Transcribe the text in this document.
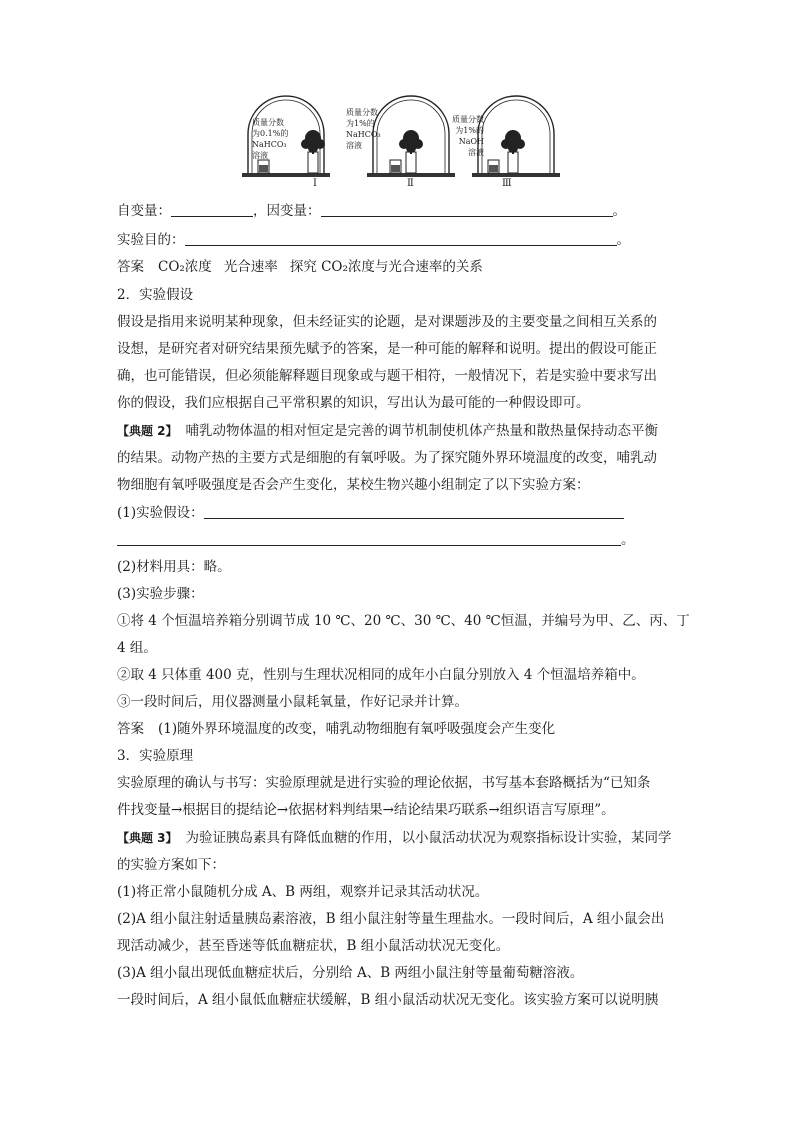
质量分数
为0.1%的
NaHCO₃
溶液
质量分数
为1%的
NaHCO₃
溶液
质量分数
为1%的
NaOH
溶液
Ⅰ	Ⅱ	Ⅲ
自变量：	，因变量：	。
实验目的：	。
答案 CO₂浓度 光合速率 探究 CO₂浓度与光合速率的关系
2．实验假设
假设是指用来说明某种现象，但未经证实的论题，是对课题涉及的主要变量之间相互关系的
设想，是研究者对研究结果预先赋予的答案，是一种可能的解释和说明。提出的假设可能正
确，也可能错误，但必须能解释题目现象或与题干相符，一般情况下，若是实验中要求写出
你的假设，我们应根据自己平常积累的知识，写出认为最可能的一种假设即可。
【典题 2】 哺乳动物体温的相对恒定是完善的调节机制使机体产热量和散热量保持动态平衡
的结果。动物产热的主要方式是细胞的有氧呼吸。为了探究随外界环境温度的改变，哺乳动
物细胞有氧呼吸强度是否会产生变化，某校生物兴趣小组制定了以下实验方案：
(1)实验假设：
。
(2)材料用具：略。
(3)实验步骤：
①将 4 个恒温培养箱分别调节成 10 ℃、20 ℃、30 ℃、40 ℃恒温，并编号为甲、乙、丙、丁
4 组。
②取 4 只体重 400 克，性别与生理状况相同的成年小白鼠分别放入 4 个恒温培养箱中。
③一段时间后，用仪器测量小鼠耗氧量，作好记录并计算。
答案 (1)随外界环境温度的改变，哺乳动物细胞有氧呼吸强度会产生变化
3．实验原理
实验原理的确认与书写：实验原理就是进行实验的理论依据，书写基本套路概括为“已知条
件找变量→根据目的提结论→依据材料判结果→结论结果巧联系→组织语言写原理”。
【典题 3】 为验证胰岛素具有降低血糖的作用，以小鼠活动状况为观察指标设计实验，某同学
的实验方案如下：
(1)将正常小鼠随机分成 A、B 两组，观察并记录其活动状况。
(2)A 组小鼠注射适量胰岛素溶液，B 组小鼠注射等量生理盐水。一段时间后，A 组小鼠会出
现活动减少，甚至昏迷等低血糖症状，B 组小鼠活动状况无变化。
(3)A 组小鼠出现低血糖症状后，分别给 A、B 两组小鼠注射等量葡萄糖溶液。
一段时间后，A 组小鼠低血糖症状缓解，B 组小鼠活动状况无变化。该实验方案可以说明胰
